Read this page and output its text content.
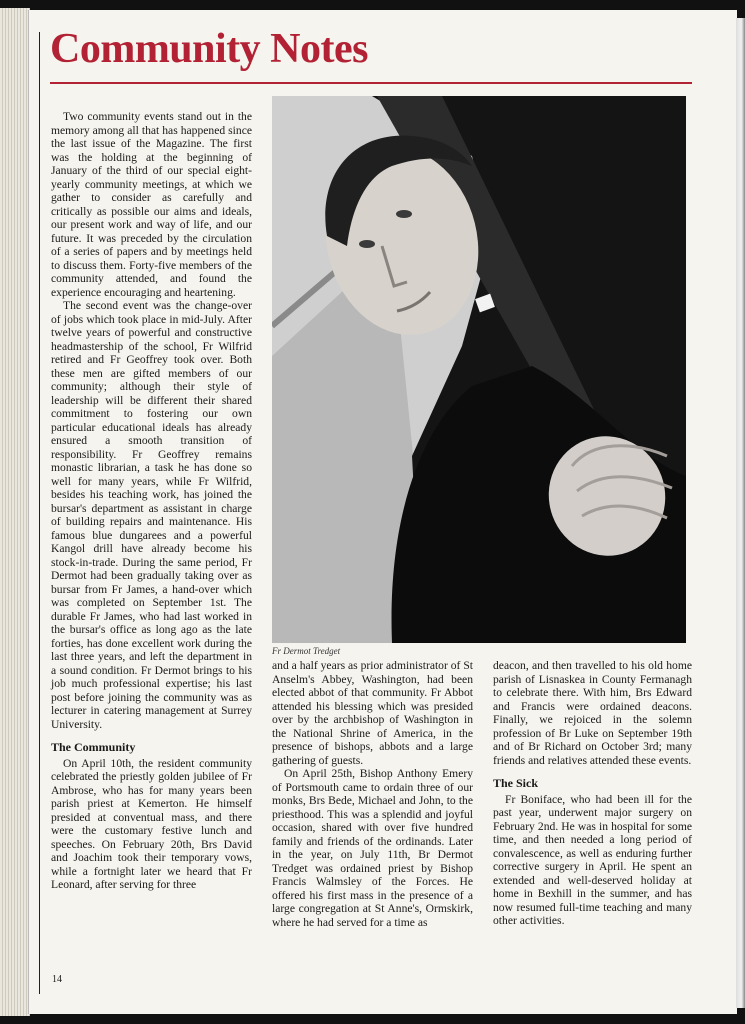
Community Notes

Two community events stand out in the memory among all that has happened since the last issue of the Magazine. The first was the holding at the beginning of January of the third of our special eight-yearly community meetings, at which we gather to consider as carefully and critically as possible our aims and ideals, our present work and way of life, and our future. It was preceded by the circulation of a series of papers and by meetings held to discuss them. Forty-five members of the community attended, and found the experience encouraging and heartening.

The second event was the change-over of jobs which took place in mid-July. After twelve years of powerful and constructive headmastership of the school, Fr Wilfrid retired and Fr Geoffrey took over. Both these men are gifted members of our community; although their style of leadership will be different their shared commitment to fostering our own particular educational ideals has already ensured a smooth transition of responsibility. Fr Geoffrey remains monastic librarian, a task he has done so well for many years, while Fr Wilfrid, besides his teaching work, has joined the bursar's department as assistant in charge of building repairs and maintenance. His famous blue dungarees and a powerful Kangol drill have already become his stock-in-trade. During the same period, Fr Dermot had been gradually taking over as bursar from Fr James, a hand-over which was completed on September 1st. The durable Fr James, who had last worked in the bursar's office as long ago as the late forties, has done excellent work during the last three years, and left the department in a sound condition. Fr Dermot brings to his job much professional expertise; his last post before joining the community was as lecturer in catering management at Surrey University.

The Community

On April 10th, the resident community celebrated the priestly golden jubilee of Fr Ambrose, who has for many years been parish priest at Kemerton. He himself presided at conventual mass, and there were the customary festive lunch and speeches. On February 20th, Brs David and Joachim took their temporary vows, while a fortnight later we heard that Fr Leonard, after serving for three

Fr Dermot Tredget

and a half years as prior administrator of St Anselm's Abbey, Washington, had been elected abbot of that community. Fr Abbot attended his blessing which was presided over by the archbishop of Washington in the National Shrine of America, in the presence of bishops, abbots and a large gathering of guests.

On April 25th, Bishop Anthony Emery of Portsmouth came to ordain three of our monks, Brs Bede, Michael and John, to the priesthood. This was a splendid and joyful occasion, shared with over five hundred family and friends of the ordinands. Later in the year, on July 11th, Br Dermot Tredget was ordained priest by Bishop Francis Walmsley of the Forces. He offered his first mass in the presence of a large congregation at St Anne's, Ormskirk, where he had served for a time as

deacon, and then travelled to his old home parish of Lisnaskea in County Fermanagh to celebrate there. With him, Brs Edward and Francis were ordained deacons. Finally, we rejoiced in the solemn profession of Br Luke on September 19th and of Br Richard on October 3rd; many friends and relatives attended these events.

The Sick

Fr Boniface, who had been ill for the past year, underwent major surgery on February 2nd. He was in hospital for some time, and then needed a long period of convalescence, as well as enduring further corrective surgery in April. He spent an extended and well-deserved holiday at home in Bexhill in the summer, and has now resumed full-time teaching and many other activities.

14
